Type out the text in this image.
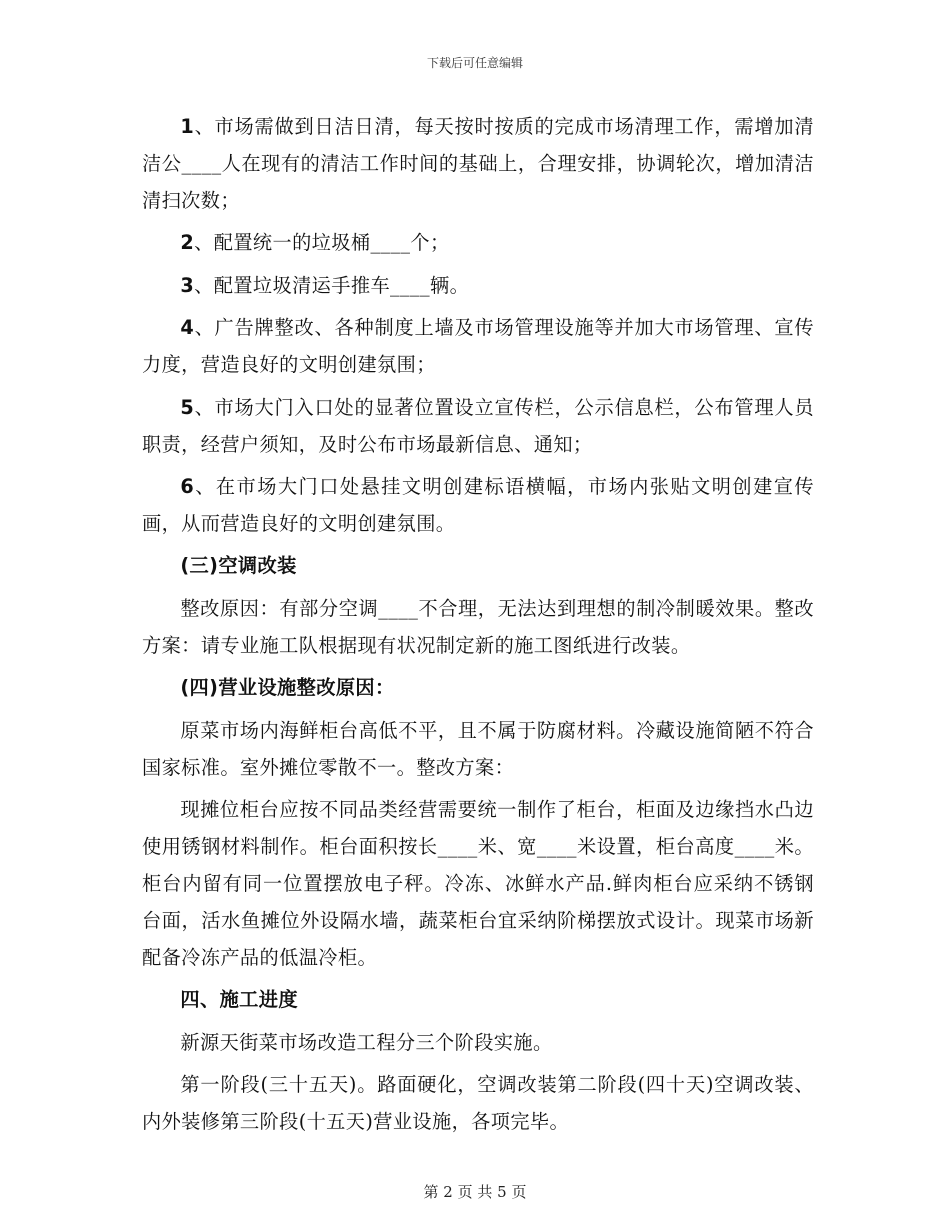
下载后可任意编辑

1、市场需做到日洁日清，每天按时按质的完成市场清理工作，需增加清洁公____人在现有的清洁工作时间的基础上，合理安排，协调轮次，增加清洁清扫次数；

2、配置统一的垃圾桶____个；

3、配置垃圾清运手推车____辆。

4、广告牌整改、各种制度上墙及市场管理设施等并加大市场管理、宣传力度，营造良好的文明创建氛围；

5、市场大门入口处的显著位置设立宣传栏，公示信息栏，公布管理人员职责，经营户须知，及时公布市场最新信息、通知；

6、在市场大门口处悬挂文明创建标语横幅，市场内张贴文明创建宣传画，从而营造良好的文明创建氛围。

(三)空调改装

整改原因：有部分空调____不合理，无法达到理想的制冷制暖效果。整改方案：请专业施工队根据现有状况制定新的施工图纸进行改装。

(四)营业设施整改原因：

原菜市场内海鲜柜台高低不平，且不属于防腐材料。冷藏设施简陋不符合国家标准。室外摊位零散不一。整改方案：

现摊位柜台应按不同品类经营需要统一制作了柜台，柜面及边缘挡水凸边使用锈钢材料制作。柜台面积按长____米、宽____米设置，柜台高度____米。柜台内留有同一位置摆放电子秤。冷冻、冰鲜水产品.鲜肉柜台应采纳不锈钢台面，活水鱼摊位外设隔水墙，蔬菜柜台宜采纳阶梯摆放式设计。现菜市场新配备冷冻产品的低温冷柜。

四、施工进度

新源天街菜市场改造工程分三个阶段实施。

第一阶段(三十五天)。路面硬化，空调改装第二阶段(四十天)空调改装、内外装修第三阶段(十五天)营业设施，各项完毕。

第 2 页 共 5 页
